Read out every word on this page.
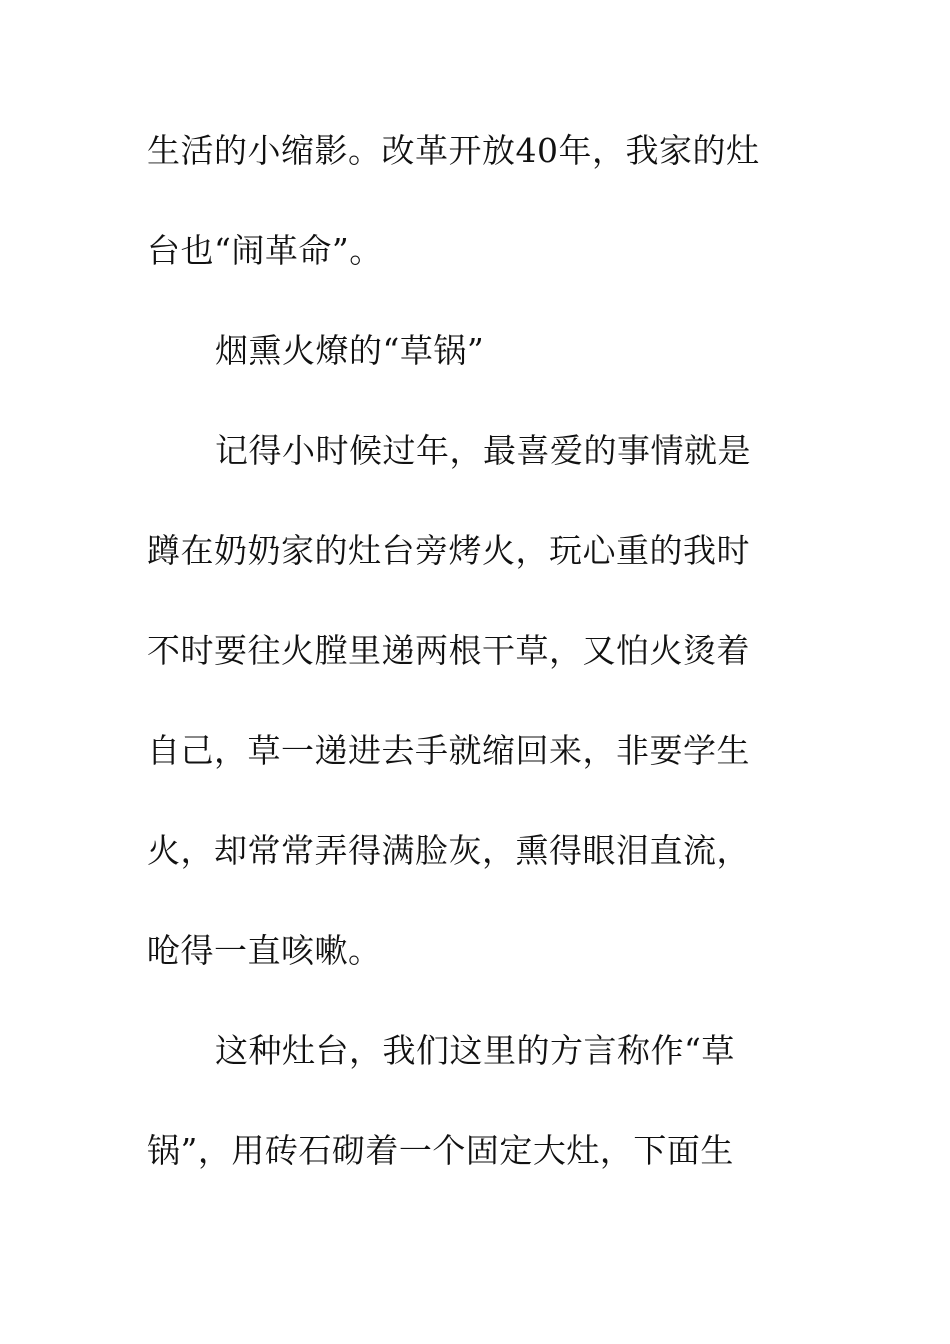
生活的小缩影。改革开放40年，我家的灶
台也“闹革命”。
烟熏火燎的“草锅”
记得小时候过年，最喜爱的事情就是
蹲在奶奶家的灶台旁烤火，玩心重的我时
不时要往火膛里递两根干草，又怕火烫着
自己，草一递进去手就缩回来，非要学生
火，却常常弄得满脸灰，熏得眼泪直流，
呛得一直咳嗽。
这种灶台，我们这里的方言称作“草
锅”，用砖石砌着一个固定大灶，下面生
